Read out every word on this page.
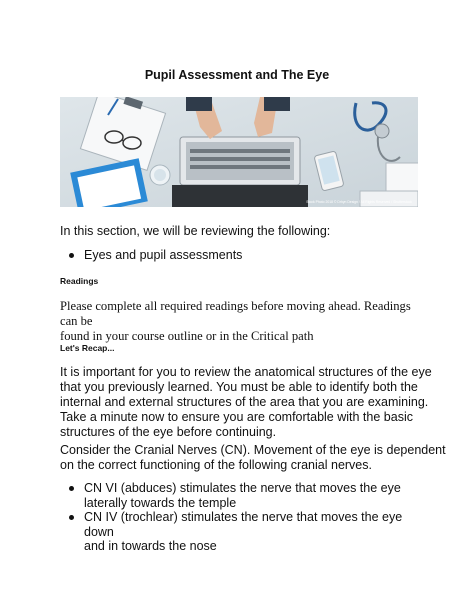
Pupil Assessment and The Eye
Stock Photo 2018 © Drhyn Design / All Rights Reserved / Shutterstock
In this section, we will be reviewing the following:
Eyes and pupil assessments
Readings
Please complete all required readings before moving ahead. Readings can be
found in your course outline or in the Critical path
Let's Recap...
It is important for you to review the anatomical structures of the eye
that you previously learned. You must be able to identify both the
internal and external structures of the area that you are examining.
Take a minute now to ensure you are comfortable with the basic
structures of the eye before continuing.
Consider the Cranial Nerves (CN). Movement of the eye is dependent
on the correct functioning of the following cranial nerves.
CN VI (abduces) stimulates the nerve that moves the eye
laterally towards the temple
CN IV (trochlear) stimulates the nerve that moves the eye down
and in towards the nose
